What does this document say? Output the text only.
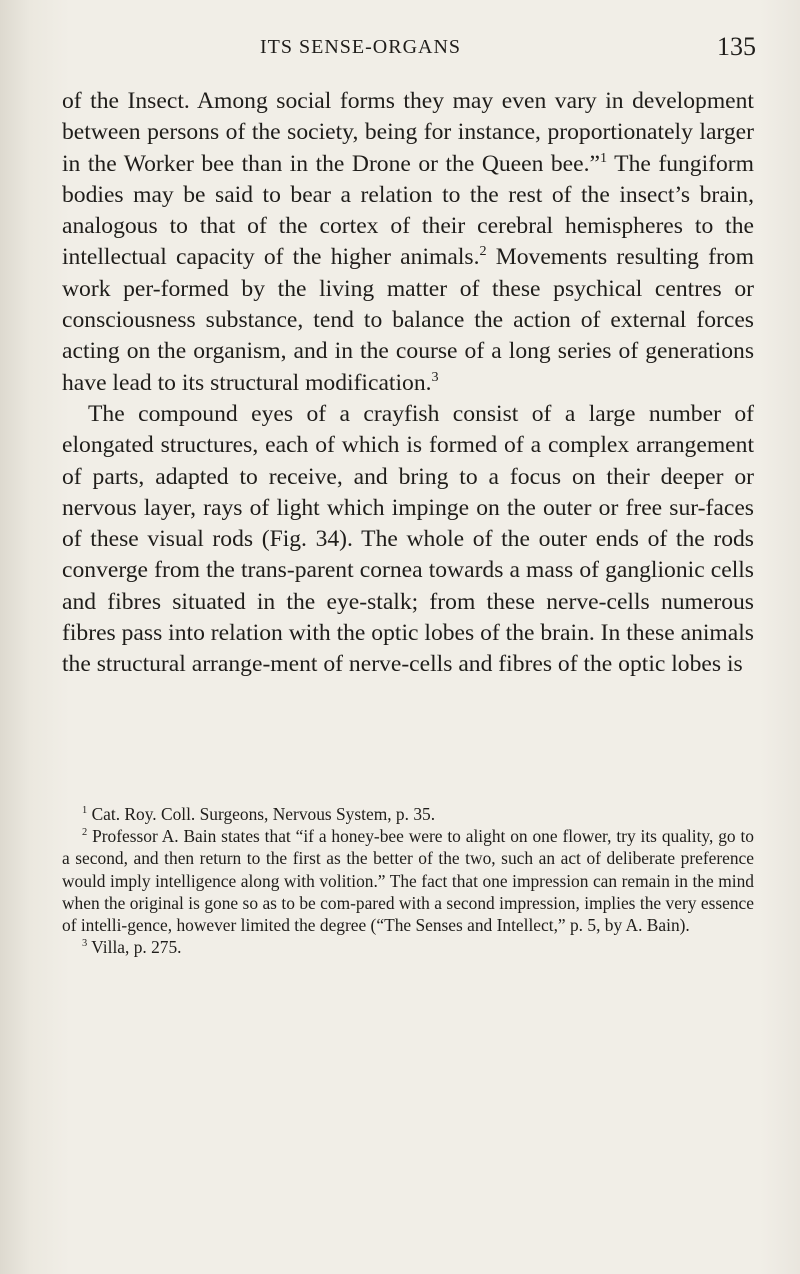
ITS SENSE-ORGANS	135

of the Insect. Among social forms they may even vary in development between persons of the society, being for instance, proportionately larger in the Worker bee than in the Drone or the Queen bee.”$^1$ The fungiform bodies may be said to bear a relation to the rest of the insect’s brain, analogous to that of the cortex of their cerebral hemispheres to the intellectual capacity of the higher animals.$^2$ Movements resulting from work per-formed by the living matter of these psychical centres or consciousness substance, tend to balance the action of external forces acting on the organism, and in the course of a long series of generations have lead to its structural modification.$^3$

The compound eyes of a crayfish consist of a large number of elongated structures, each of which is formed of a complex arrangement of parts, adapted to receive, and bring to a focus on their deeper or nervous layer, rays of light which impinge on the outer or free sur-faces of these visual rods (Fig. 34). The whole of the outer ends of the rods converge from the trans-parent cornea towards a mass of ganglionic cells and fibres situated in the eye-stalk; from these nerve-cells numerous fibres pass into relation with the optic lobes of the brain. In these animals the structural arrange-ment of nerve-cells and fibres of the optic lobes is

$^1$ Cat. Roy. Coll. Surgeons, Nervous System, p. 35.

$^2$ Professor A. Bain states that “if a honey-bee were to alight on one flower, try its quality, go to a second, and then return to the first as the better of the two, such an act of deliberate preference would imply intelligence along with volition.” The fact that one impression can remain in the mind when the original is gone so as to be com-pared with a second impression, implies the very essence of intelli-gence, however limited the degree (“The Senses and Intellect,” p. 5, by A. Bain).

$^3$ Villa, p. 275.
